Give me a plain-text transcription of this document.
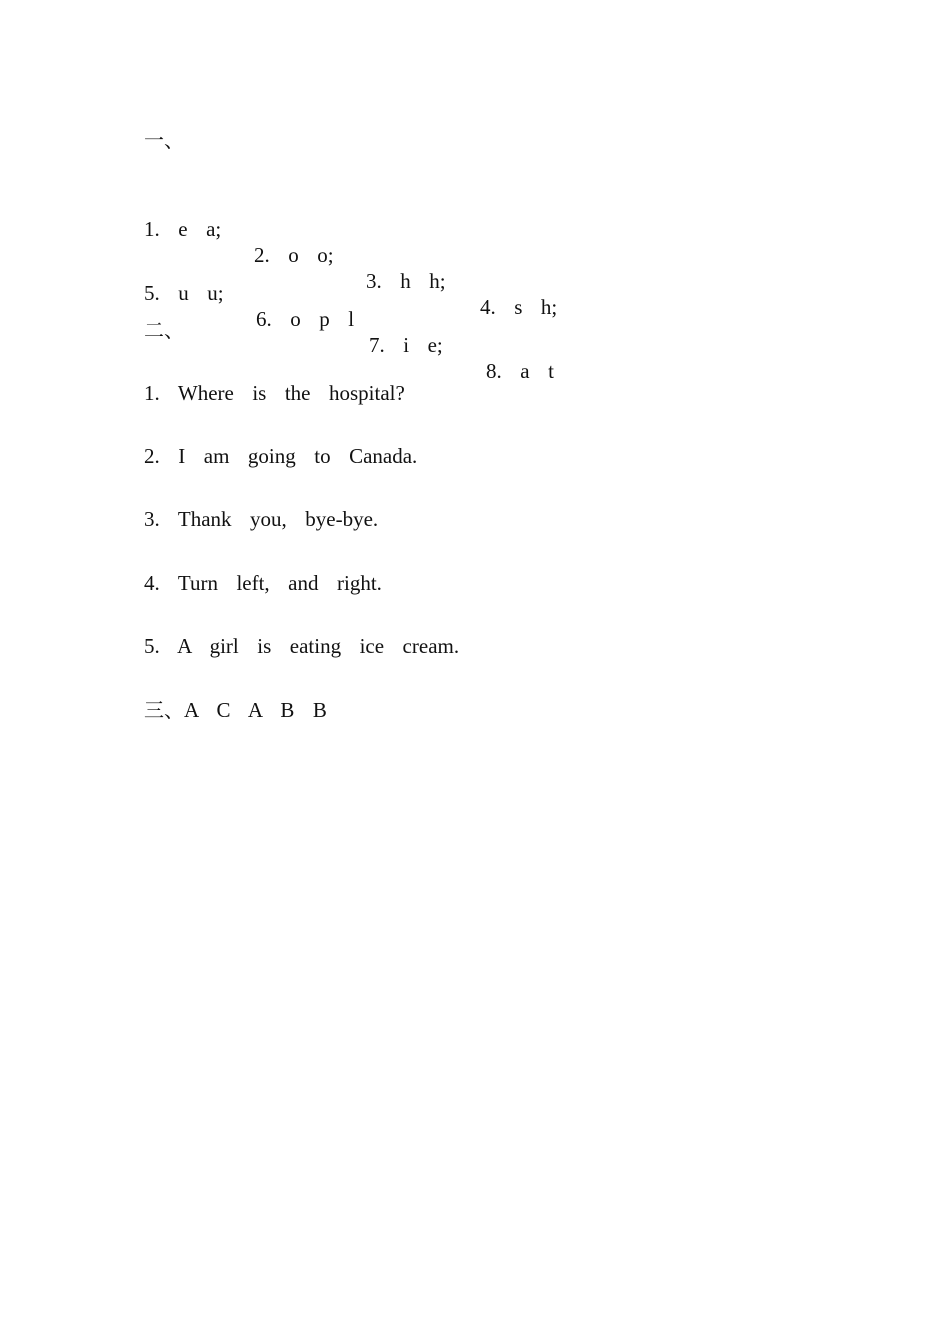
一、

1.  e  a;

2.  o  o;

3.  h  h;

4.  s  h;

5.  u  u;

6.  o  p  l

7.  i  e;

8.  a  t

二、
1.  Where  is  the  hospital?
2.  I  am  going  to  Canada.
3.  Thank  you,  bye-bye.
4.  Turn  left,  and  right.
5.  A  girl  is  eating  ice  cream.
三、A  C  A  B  B
